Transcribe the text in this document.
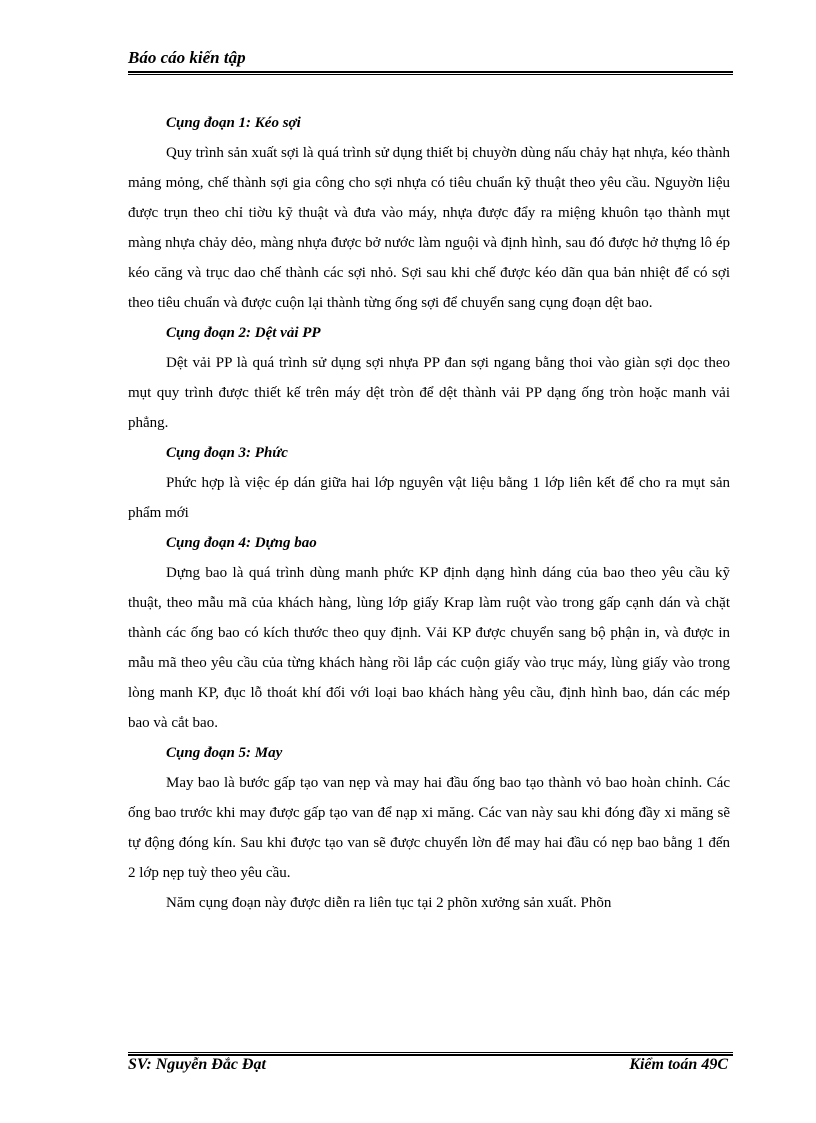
Báo cáo kiến tập

Cụng đoạn 1: Kéo sợi

Quy trình sản xuất sợi là quá trình sử dụng thiết bị chuyờn dùng nấu chảy hạt nhựa, kéo thành mảng mỏng, chế thành sợi gia công cho sợi nhựa có tiêu chuẩn kỹ thuật theo yêu cầu. Nguyờn liệu được trụn theo chỉ tiờu kỹ thuật và đưa vào máy, nhựa được đẩy ra miệng khuôn tạo thành mụt màng nhựa chảy dẻo, màng nhựa được bở nước làm nguội và định hình, sau đó được hở thựng lô ép kéo căng và trục dao chế thành các sợi nhỏ. Sợi sau khi chế được kéo dãn qua bản nhiệt để có sợi theo tiêu chuẩn và được cuộn lại thành từng ống sợi để chuyển sang cụng đoạn dệt bao.

Cụng đoạn 2: Dệt vải PP

Dệt vải PP là quá trình sử dụng sợi nhựa PP đan sợi ngang bằng thoi vào giàn sợi dọc theo mụt quy trình được thiết kế trên máy dệt tròn để dệt thành vải PP dạng ống tròn hoặc manh vải phẳng.

Cụng đoạn 3: Phức

Phức hợp là việc ép dán giữa hai lớp nguyên vật liệu bằng 1 lớp liên kết để cho ra mụt sản phẩm mới

Cụng đoạn 4: Dựng bao

Dựng bao là quá trình dùng manh phức KP định dạng hình dáng của bao theo yêu cầu kỹ thuật, theo mẫu mã của khách hàng, lùng lớp giấy Krap làm ruột vào trong gấp cạnh dán và chặt thành các ống bao có kích thước theo quy định. Vải KP được chuyển sang bộ phận in, và được in mẫu mã theo yêu cầu của từng khách hàng rồi lắp các cuộn giấy vào trục máy, lùng giấy vào trong lòng manh KP, đục lỗ thoát khí đối với loại bao khách hàng yêu cầu, định hình bao, dán các mép bao và cắt bao.

Cụng đoạn 5: May

May bao là bước gấp tạo van nẹp và may hai đầu ống bao tạo thành vỏ bao hoàn chỉnh. Các ống bao trước khi may được gấp tạo van để nạp xi măng. Các van này sau khi đóng đầy xi măng sẽ tự động đóng kín. Sau khi được tạo van sẽ được chuyển lờn để may hai đầu có nẹp bao bằng 1 đến 2 lớp nẹp tuỳ theo yêu cầu.

Năm cụng đoạn này được diễn ra liên tục tại 2 phõn xưởng sản xuất. Phõn

SV: Nguyễn Đắc Đạt	Kiểm toán 49C
